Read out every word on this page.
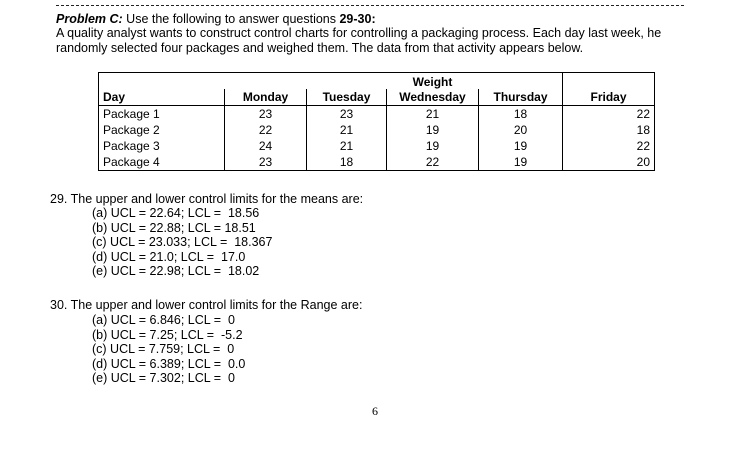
Problem C: Use the following to answer questions 29-30:
A quality analyst wants to construct control charts for controlling a packaging process. Each day last week, he randomly selected four packages and weighed them. The data from that activity appears below.
			Weight		
Day	Monday	Tuesday	Wednesday	Thursday	Friday
Package 1	23	23	21	18	22
Package 2	22	21	19	20	18
Package 3	24	21	19	19	22
Package 4	23	18	22	19	20
29. The upper and lower control limits for the means are:
(a) UCL = 22.64; LCL =  18.56
(b) UCL = 22.88; LCL = 18.51
(c) UCL = 23.033; LCL =  18.367
(d) UCL = 21.0; LCL =  17.0
(e) UCL = 22.98; LCL =  18.02
30. The upper and lower control limits for the Range are:
(a) UCL = 6.846; LCL =  0
(b) UCL = 7.25; LCL =  -5.2
(c) UCL = 7.759; LCL =  0
(d) UCL = 6.389; LCL =  0.0
(e) UCL = 7.302; LCL =  0
6
